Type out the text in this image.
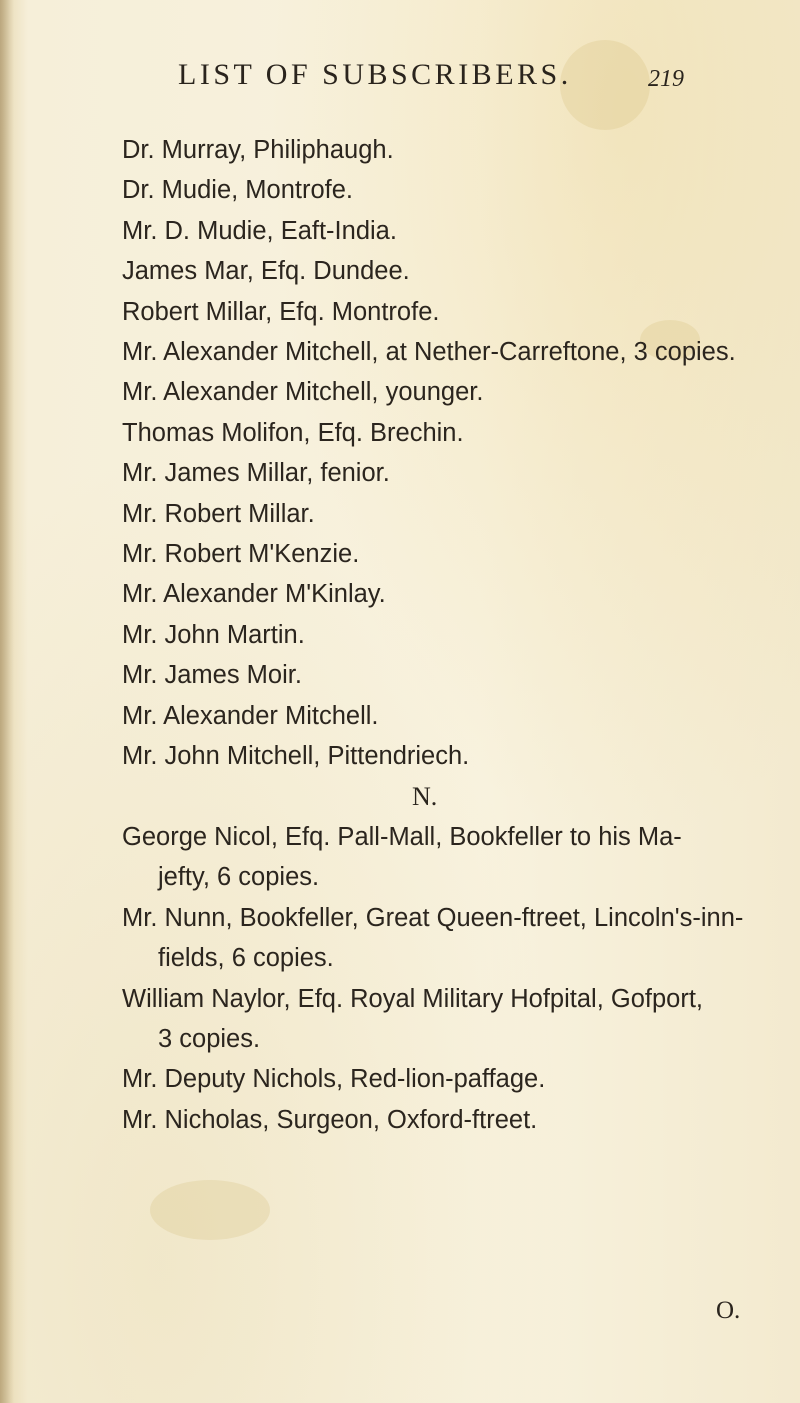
LIST OF SUBSCRIBERS.	219
Dr. Murray, Philiphaugh.
Dr. Mudie, Montrofe.
Mr. D. Mudie, Eaft-India.
James Mar, Efq. Dundee.
Robert Millar, Efq. Montrofe.
Mr. Alexander Mitchell, at Nether-Carreftone, 3 copies.
Mr. Alexander Mitchell, younger.
Thomas Molifon, Efq. Brechin.
Mr. James Millar, fenior.
Mr. Robert Millar.
Mr. Robert M'Kenzie.
Mr. Alexander M'Kinlay.
Mr. John Martin.
Mr. James Moir.
Mr. Alexander Mitchell.
Mr. John Mitchell, Pittendriech.
N.
George Nicol, Efq. Pall-Mall, Bookfeller to his Ma-
jefty, 6 copies.
Mr. Nunn, Bookfeller, Great Queen-ftreet, Lincoln's-inn-
fields, 6 copies.
William Naylor, Efq. Royal Military Hofpital, Gofport,
3 copies.
Mr. Deputy Nichols, Red-lion-paffage.
Mr. Nicholas, Surgeon, Oxford-ftreet.
O.
